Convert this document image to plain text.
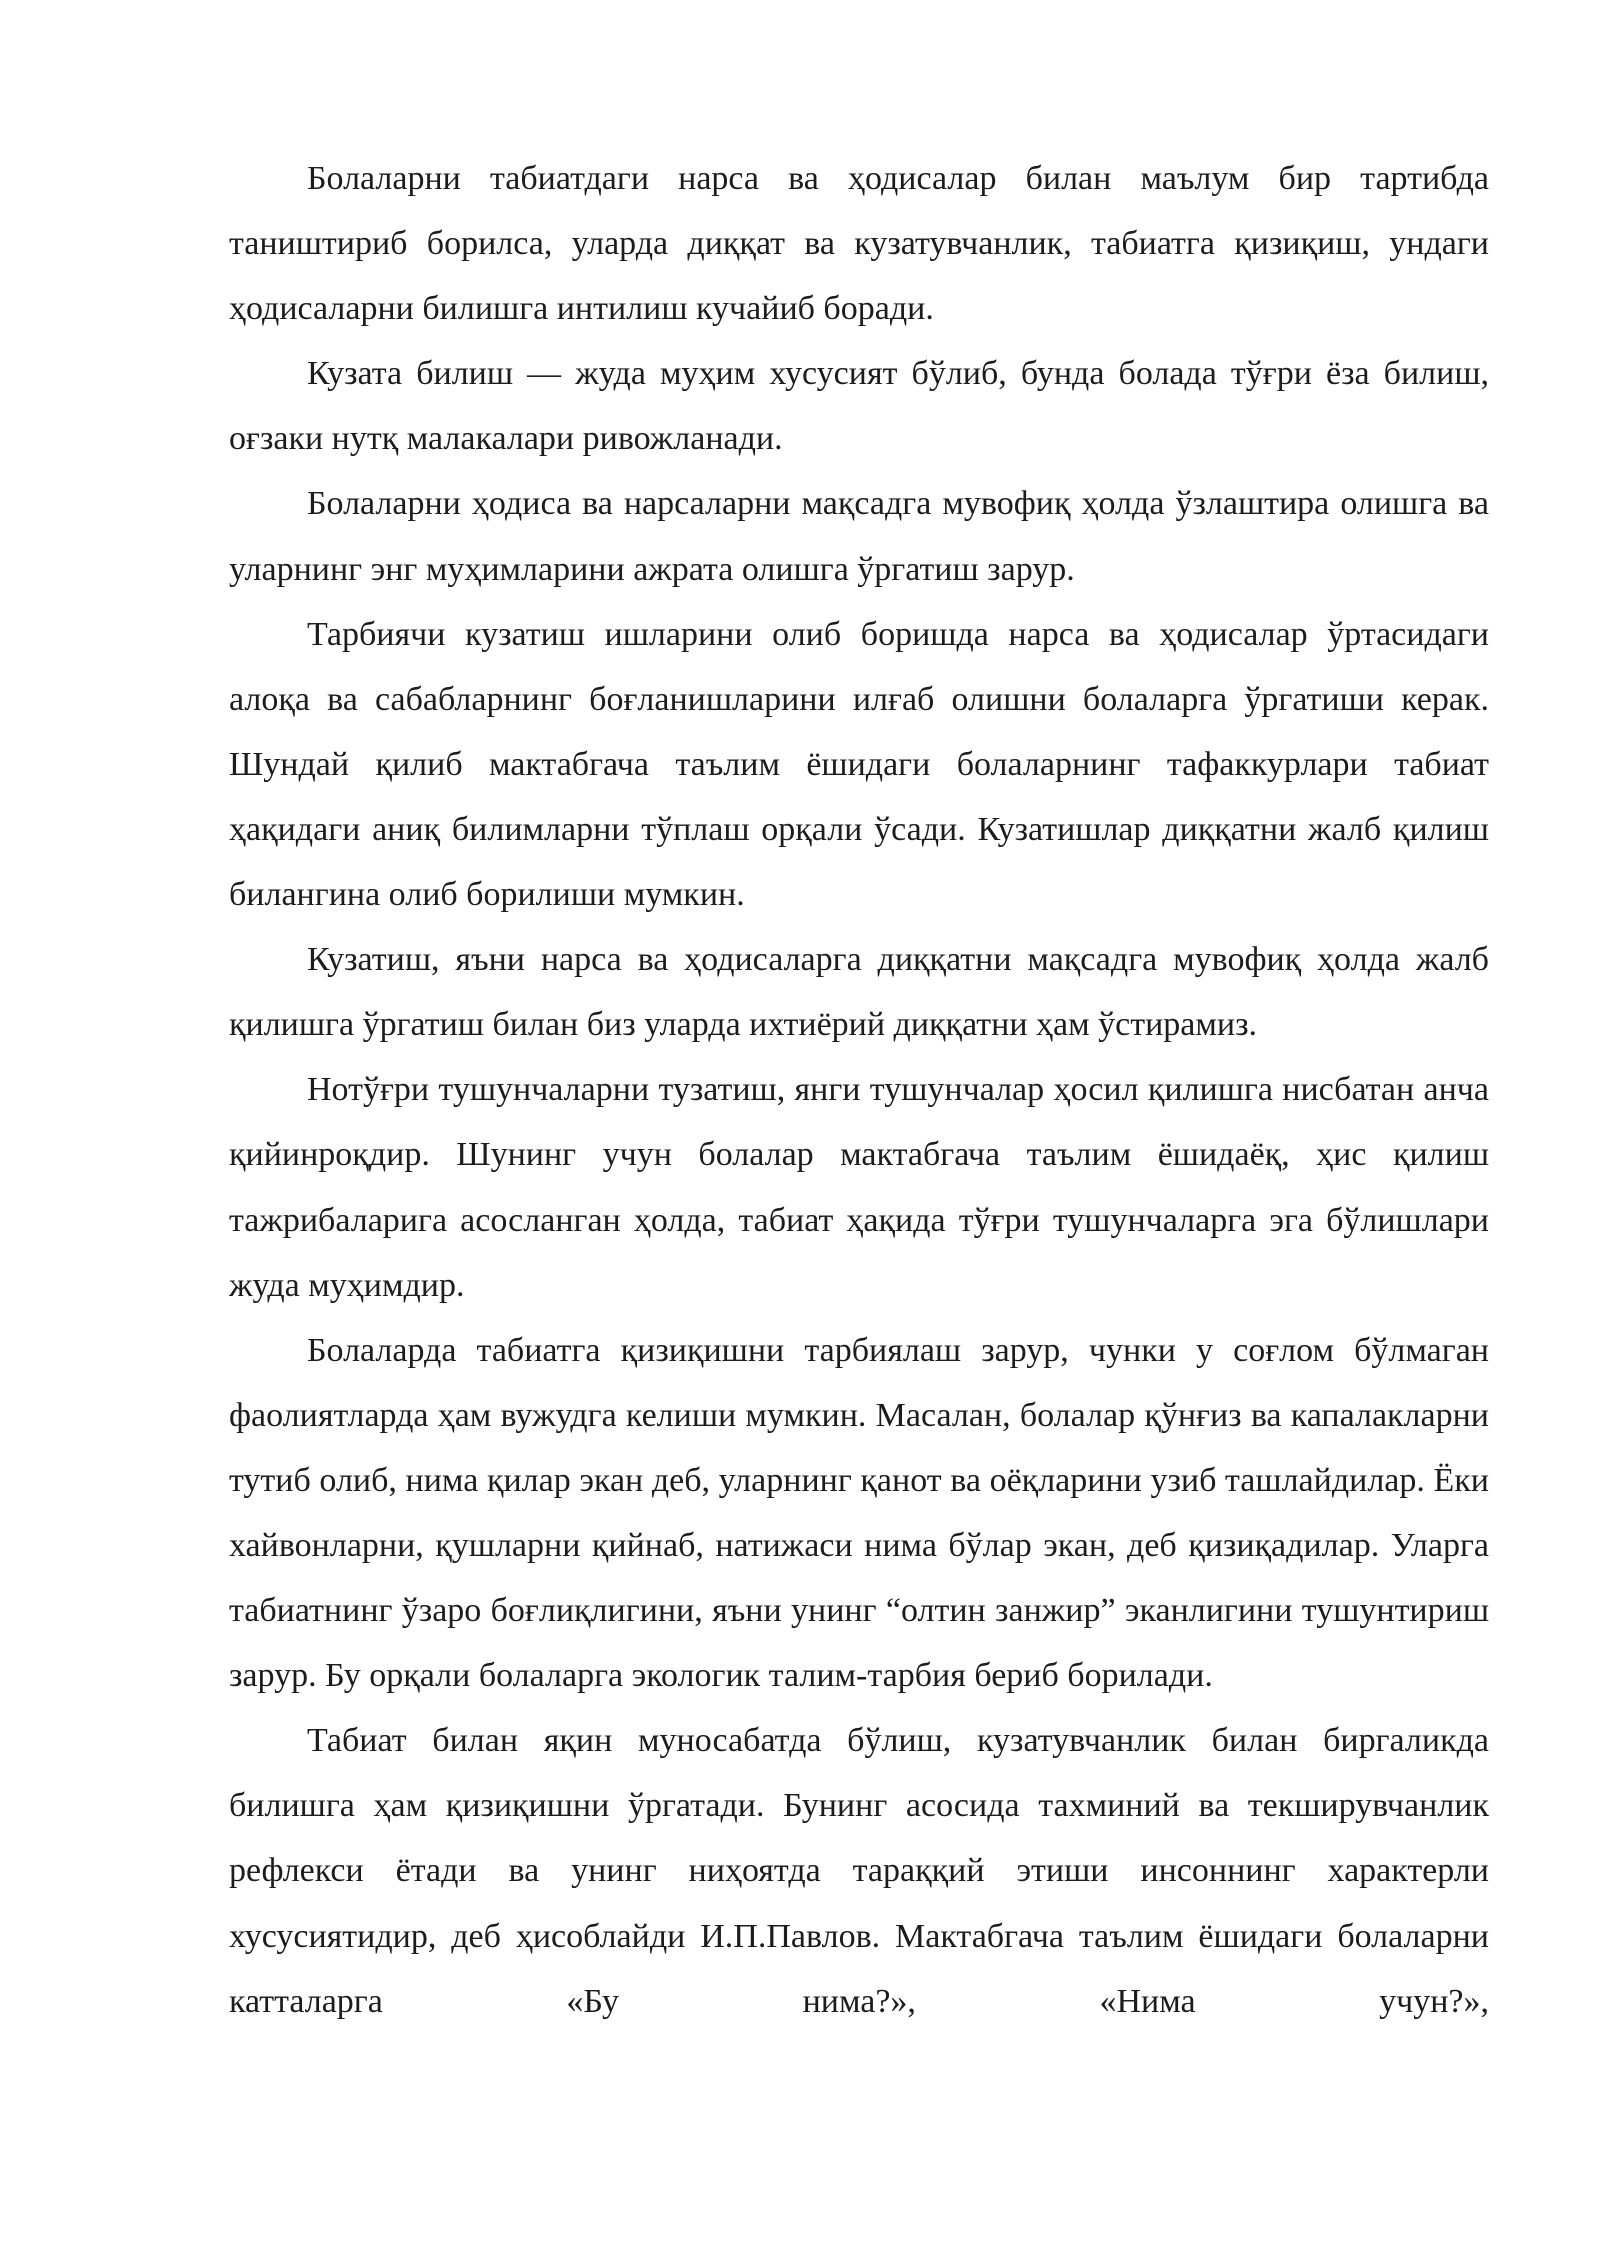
Болаларни табиатдаги нарса ва ҳодисалар билан маълум бир тартибда таништириб борилса, уларда диққат ва кузатувчанлик, табиатга қизиқиш, ундаги ҳодисаларни билишга интилиш кучайиб боради.

Кузата билиш — жуда муҳим хусусият бўлиб, бунда болада тўғри ёза билиш, оғзаки нутқ малакалари ривожланади.

Болаларни ҳодиса ва нарсаларни мақсадга мувофиқ ҳолда ўзлаштира олишга ва уларнинг энг муҳимларини ажрата олишга ўргатиш зарур.

Тарбиячи кузатиш ишларини олиб боришда нарса ва ҳодисалар ўртасидаги алоқа ва сабабларнинг боғланишларини илғаб олишни болаларга ўргатиши керак. Шундай қилиб мактабгача таълим ёшидаги болаларнинг тафаккурлари табиат ҳақидаги аниқ билимларни тўплаш орқали ўсади. Кузатишлар диққатни жалб қилиш билангина олиб борилиши мумкин.

Кузатиш, яъни нарса ва ҳодисаларга диққатни мақсадга мувофиқ ҳолда жалб қилишга ўргатиш билан биз уларда ихтиёрий диққатни ҳам ўстирамиз.

Нотўғри тушунчаларни тузатиш, янги тушунчалар ҳосил қилишга нисбатан анча қийинроқдир. Шунинг учун болалар мактабгача таълим ёшидаёқ, ҳис қилиш тажрибаларига асосланган ҳолда, табиат ҳақида тўғри тушунчаларга эга бўлишлари жуда муҳимдир.

Болаларда табиатга қизиқишни тарбиялаш зарур, чунки у соғлом бўлмаган фаолиятларда ҳам вужудга келиши мумкин. Масалан, болалар қўнғиз ва капалакларни тутиб олиб, нима қилар экан деб, уларнинг қанот ва оёқларини узиб ташлайдилар. Ёки хайвонларни, қушларни қийнаб, натижаси нима бўлар экан, деб қизиқадилар. Уларга табиатнинг ўзаро боғлиқлигини, яъни унинг “олтин занжир” эканлигини тушунтириш зарур. Бу орқали болаларга экологик талим-тарбия бериб борилади.

Табиат билан яқин муносабатда бўлиш, кузатувчанлик билан биргаликда билишга ҳам қизиқишни ўргатади. Бунинг асосида тахминий ва текширувчанлик рефлекси ётади ва унинг ниҳоятда тараққий этиши инсоннинг характерли хусусиятидир, деб ҳисоблайди И.П.Павлов. Мактабгача таълим ёшидаги болаларни катталарга «Бу нима?», «Нима учун?»,
